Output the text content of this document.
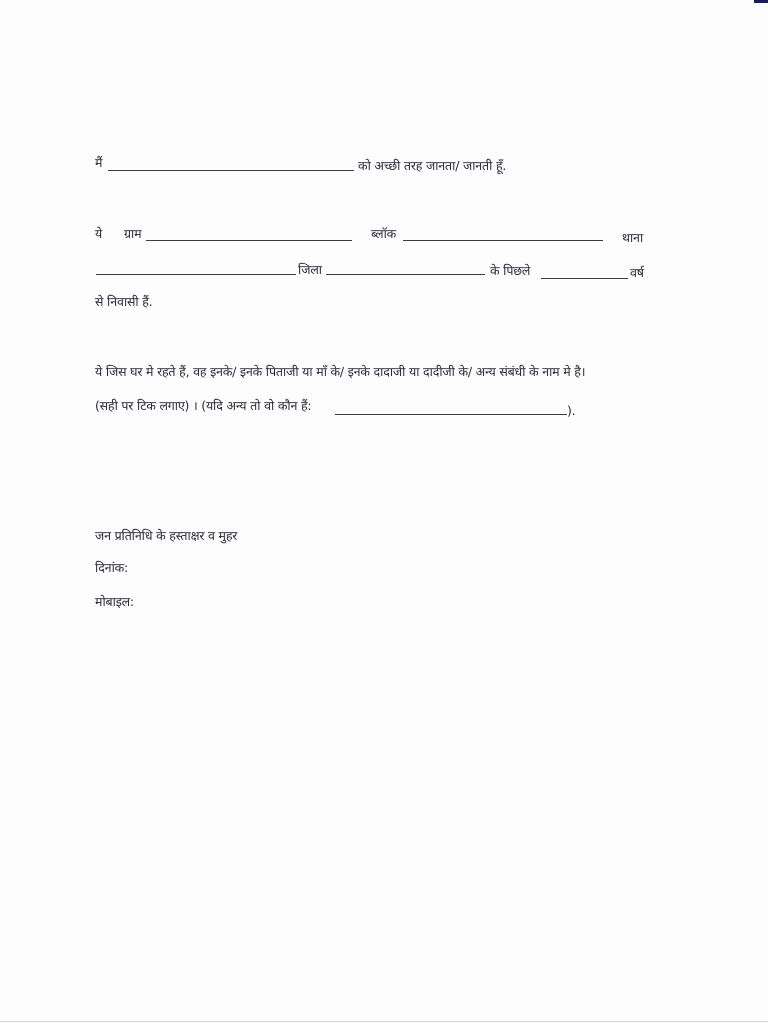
मैं	को अच्छी तरह जानता/ जानती हूँ.
ये ग्राम	ब्लॉक	थाना
जिला	के पिछले	वर्ष
से निवासी हैं.
ये जिस घर मे रहते हैं, वह इनके/ इनके पिताजी या माँ के/ इनके दादाजी या दादीजी के/ अन्य संबंधी के नाम मे है।
(सही पर टिक लगाए) । (यदि अन्य तो वो कौन हैं:	).
जन प्रतिनिधि के हस्ताक्षर व मुहर
दिनांक:
मोबाइल:
